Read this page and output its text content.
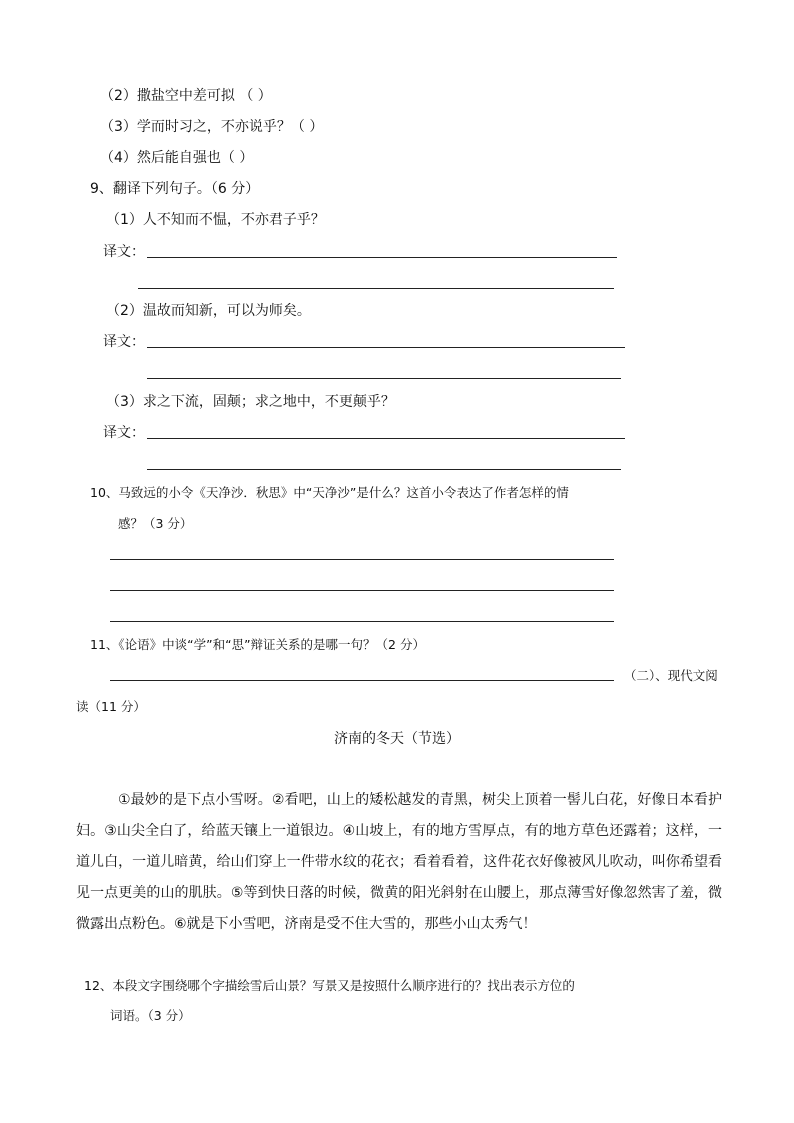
（2）撒盐空中差可拟 （ ）
（3）学而时习之，不亦说乎？（ ）
（4）然后能自强也（ ）
9、翻译下列句子。（6 分）
（1）人不知而不愠，不亦君子乎？
译文：
（2）温故而知新，可以为师矣。
译文：
（3）求之下流，固颠；求之地中，不更颠乎？
译文：
10、马致远的小令《天净沙．秋思》中“天净沙”是什么？这首小令表达了作者怎样的情
感？（3 分）
11、《论语》中谈“学”和“思”辩证关系的是哪一句？（2 分）
（二）、现代文阅
读（11 分）
济南的冬天（节选）
①最妙的是下点小雪呀。②看吧，山上的矮松越发的青黑，树尖上顶着一髻儿白花，好像日本看护妇。③山尖全白了，给蓝天镶上一道银边。④山坡上，有的地方雪厚点，有的地方草色还露着；这样，一 道儿白，一道儿暗黄，给山们穿上一件带水纹的花衣；看着看着，这件花衣好像被风儿吹动，叫你希望看见一点更美的山的肌肤。⑤等到快日落的时候，微黄的阳光斜射在山腰上，那点薄雪好像忽然害了羞，微 微露出点粉色。⑥就是下小雪吧，济南是受不住大雪的，那些小山太秀气！
12、本段文字围绕哪个字描绘雪后山景？写景又是按照什么顺序进行的？找出表示方位的
词语。（3 分）
